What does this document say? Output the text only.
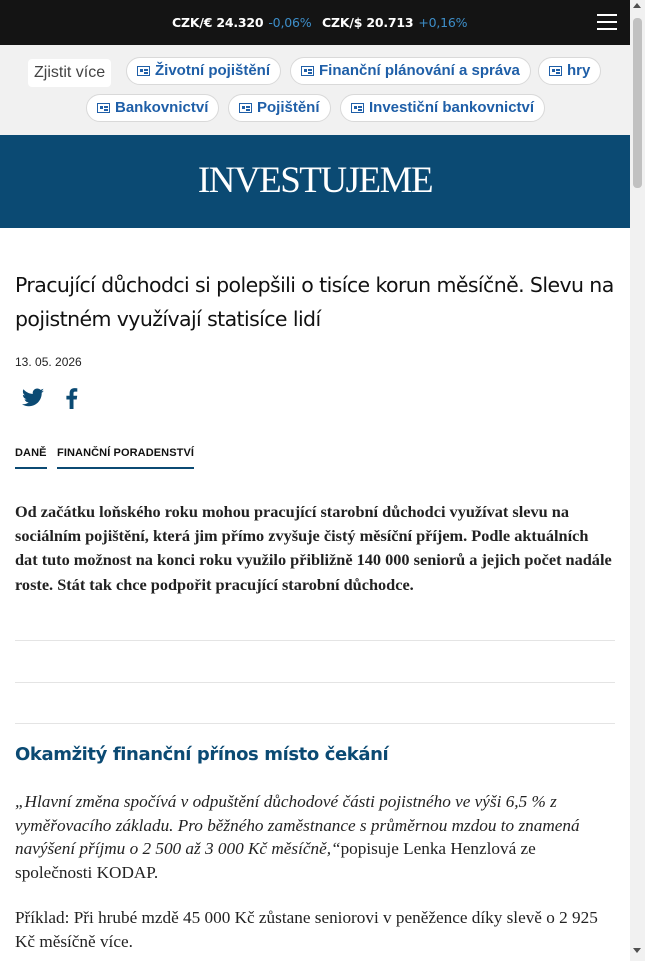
CZK/€ 24.320 -0,06% CZK/$ 20.713 +0,16%
Zjistit více	Životní pojištění	Finanční plánování a správa	hry
Bankovnictví	Pojištění	Investiční bankovnictví
INVESTUJEME
Pracující důchodci si polepšili o tisíce korun měsíčně. Slevu na pojistném využívají statisíce lidí
13. 05. 2026
DANĚ FINANČNÍ PORADENSTVÍ

Od začátku loňského roku mohou pracující starobní důchodci využívat slevu na sociálním pojištění, která jim přímo zvyšuje čistý měsíční příjem. Podle aktuálních dat tuto možnost na konci roku využilo přibližně 140 000 seniorů a jejich počet nadále roste. Stát tak chce podpořit pracující starobní důchodce.

Okamžitý finanční přínos místo čekání

„Hlavní změna spočívá v odpuštění důchodové části pojistného ve výši 6,5 % z vyměřovacího základu. Pro běžného zaměstnance s průměrnou mzdou to znamená navýšení příjmu o 2 500 až 3 000 Kč měsíčně,“popisuje Lenka Henzlová ze společnosti KODAP.

Příklad: Při hrubé mzdě 45 000 Kč zůstane seniorovi v peněžence díky slevě o 2 925 Kč měsíčně více.
